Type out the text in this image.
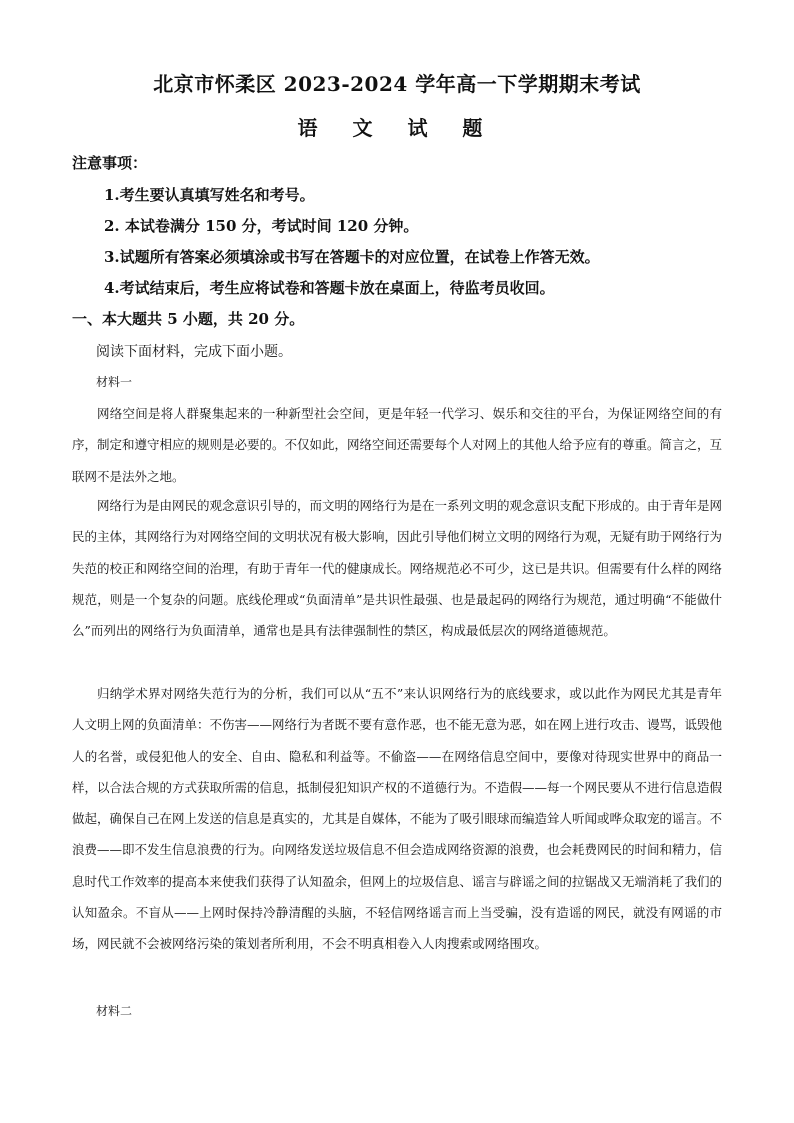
北京市怀柔区 2023-2024 学年高一下学期期末考试
语 文 试 题
注意事项：
1.考生要认真填写姓名和考号。
2. 本试卷满分 150 分，考试时间 120 分钟。
3.试题所有答案必须填涂或书写在答题卡的对应位置，在试卷上作答无效。
4.考试结束后，考生应将试卷和答题卡放在桌面上，待监考员收回。
一、本大题共 5 小题，共 20 分。
阅读下面材料，完成下面小题。
材料一
网络空间是将人群聚集起来的一种新型社会空间，更是年轻一代学习、娱乐和交往的平台，为保证网络空间的有序，制定和遵守相应的规则是必要的。不仅如此，网络空间还需要每个人对网上的其他人给予应有的尊重。简言之，互联网不是法外之地。
网络行为是由网民的观念意识引导的，而文明的网络行为是在一系列文明的观念意识支配下形成的。由于青年是网民的主体，其网络行为对网络空间的文明状况有极大影响，因此引导他们树立文明的网络行为观，无疑有助于网络行为失范的校正和网络空间的治理，有助于青年一代的健康成长。网络规范必不可少，这已是共识。但需要有什么样的网络规范，则是一个复杂的问题。底线伦理或“负面清单”是共识性最强、也是最起码的网络行为规范，通过明确“不能做什么”而列出的网络行为负面清单，通常也是具有法律强制性的禁区，构成最低层次的网络道德规范。
归纳学术界对网络失范行为的分析，我们可以从“五不”来认识网络行为的底线要求，或以此作为网民尤其是青年人文明上网的负面清单：不伤害——网络行为者既不要有意作恶，也不能无意为恶，如在网上进行攻击、谩骂，诋毁他人的名誉，或侵犯他人的安全、自由、隐私和利益等。不偷盗——在网络信息空间中，要像对待现实世界中的商品一样，以合法合规的方式获取所需的信息，抵制侵犯知识产权的不道德行为。不造假——每一个网民要从不进行信息造假做起，确保自己在网上发送的信息是真实的，尤其是自媒体，不能为了吸引眼球而编造耸人听闻或哗众取宠的谣言。不浪费——即不发生信息浪费的行为。向网络发送垃圾信息不但会造成网络资源的浪费，也会耗费网民的时间和精力，信息时代工作效率的提高本来使我们获得了认知盈余，但网上的垃圾信息、谣言与辟谣之间的拉锯战又无端消耗了我们的认知盈余。不盲从——上网时保持冷静清醒的头脑，不轻信网络谣言而上当受骗，没有造谣的网民，就没有网谣的市场，网民就不会被网络污染的策划者所利用，不会不明真相卷入人肉搜索或网络围攻。
材料二
